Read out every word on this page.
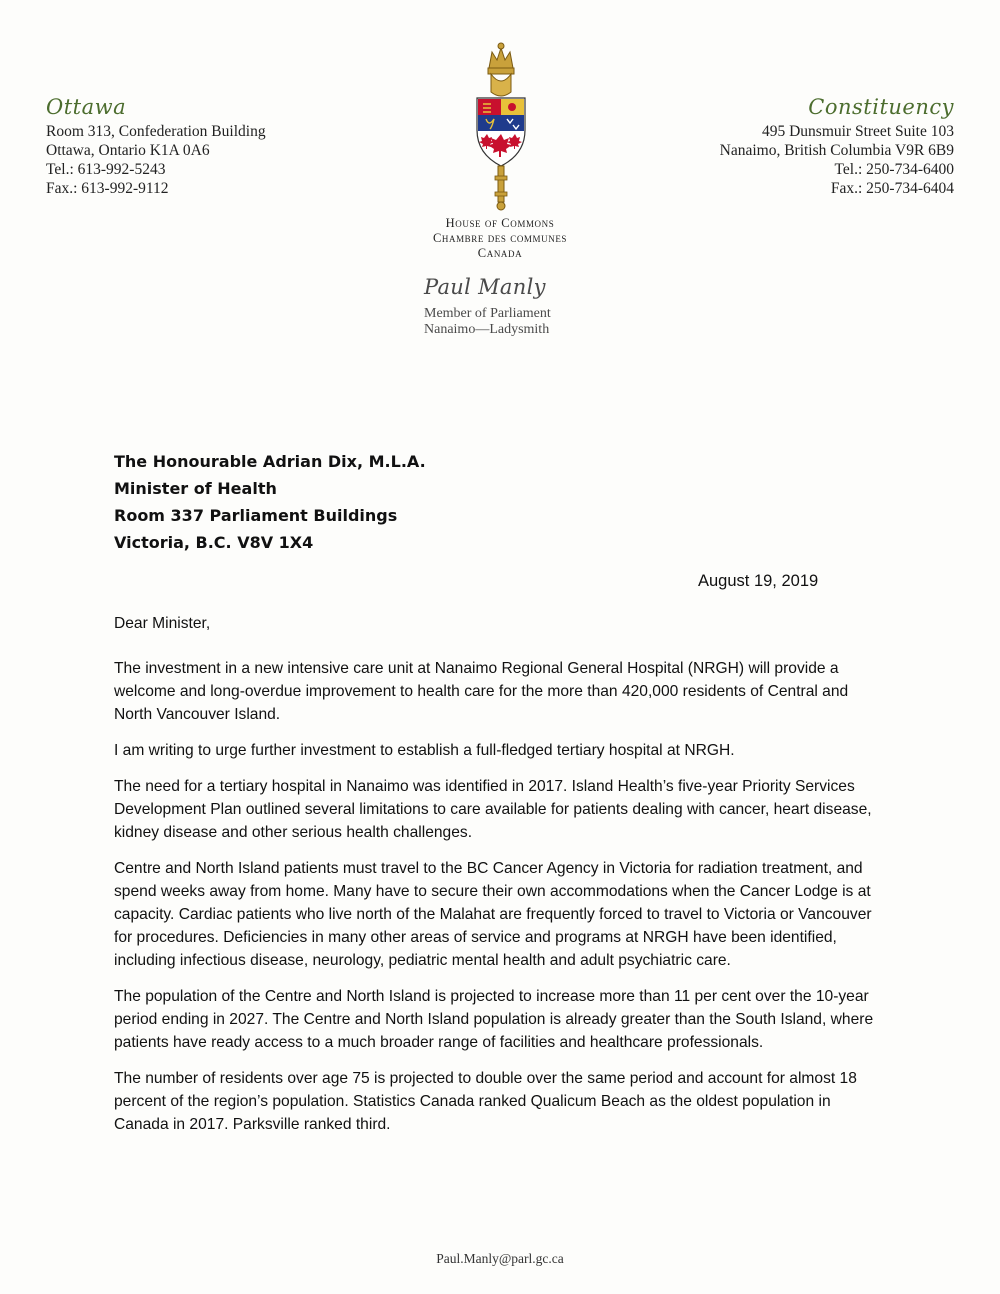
Ottawa
Room 313, Confederation Building
Ottawa, Ontario K1A 0A6
Tel.: 613-992-5243
Fax.: 613-992-9112
Constituency
495 Dunsmuir Street Suite 103
Nanaimo, British Columbia V9R 6B9
Tel.: 250-734-6400
Fax.: 250-734-6404
House of Commons
Chambre des communes
Canada
Paul Manly
Member of Parliament
Nanaimo—Ladysmith
The Honourable Adrian Dix, M.L.A.
Minister of Health
Room 337 Parliament Buildings
Victoria, B.C. V8V 1X4
August 19, 2019

Dear Minister,

The investment in a new intensive care unit at Nanaimo Regional General Hospital (NRGH) will provide a welcome and long-overdue improvement to health care for the more than 420,000 residents of Central and North Vancouver Island.

I am writing to urge further investment to establish a full-fledged tertiary hospital at NRGH.

The need for a tertiary hospital in Nanaimo was identified in 2017. Island Health’s five-year Priority Services Development Plan outlined several limitations to care available for patients dealing with cancer, heart disease, kidney disease and other serious health challenges.

Centre and North Island patients must travel to the BC Cancer Agency in Victoria for radiation treatment, and spend weeks away from home. Many have to secure their own accommodations when the Cancer Lodge is at capacity. Cardiac patients who live north of the Malahat are frequently forced to travel to Victoria or Vancouver for procedures. Deficiencies in many other areas of service and programs at NRGH have been identified, including infectious disease, neurology, pediatric mental health and adult psychiatric care.

The population of the Centre and North Island is projected to increase more than 11 per cent over the 10-year period ending in 2027. The Centre and North Island population is already greater than the South Island, where patients have ready access to a much broader range of facilities and healthcare professionals.

The number of residents over age 75 is projected to double over the same period and account for almost 18 percent of the region’s population. Statistics Canada ranked Qualicum Beach as the oldest population in Canada in 2017. Parksville ranked third.

Paul.Manly@parl.gc.ca
